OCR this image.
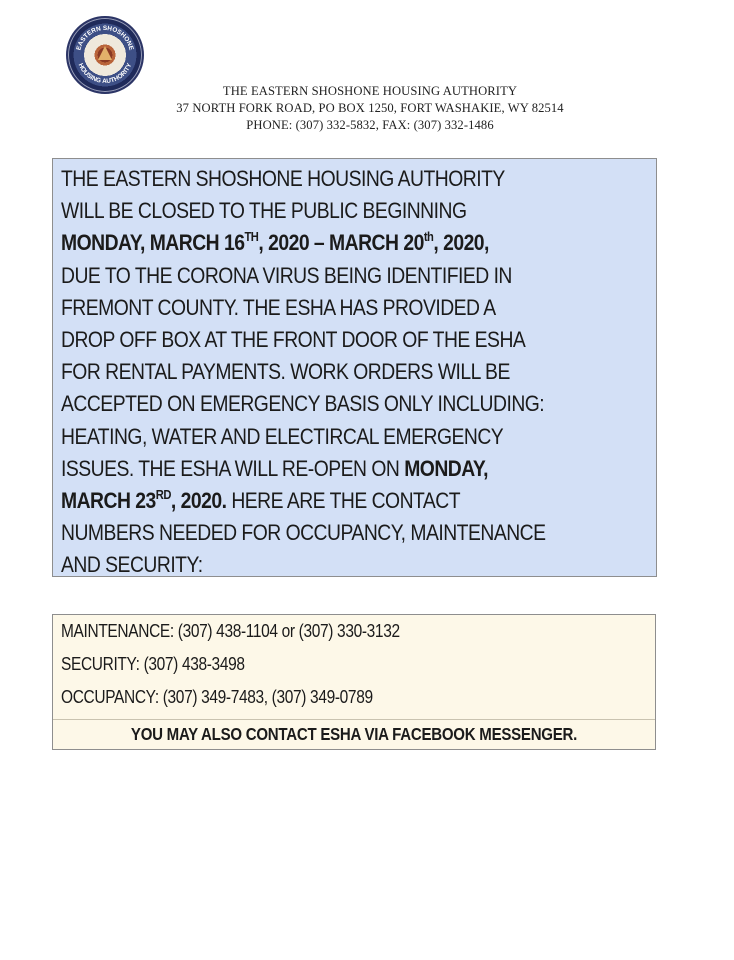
EASTERN SHOSHONE
HOUSING AUTHORITY
THE EASTERN SHOSHONE HOUSING AUTHORITY
37 NORTH FORK ROAD, PO BOX 1250, FORT WASHAKIE, WY 82514
PHONE: (307) 332-5832, FAX: (307) 332-1486
THE EASTERN SHOSHONE HOUSING AUTHORITY
WILL BE CLOSED TO THE PUBLIC BEGINNING
MONDAY, MARCH 16TH, 2020 – MARCH 20th, 2020,
DUE TO THE CORONA VIRUS BEING IDENTIFIED IN
FREMONT COUNTY. THE ESHA HAS PROVIDED A
DROP OFF BOX AT THE FRONT DOOR OF THE ESHA
FOR RENTAL PAYMENTS. WORK ORDERS WILL BE
ACCEPTED ON EMERGENCY BASIS ONLY INCLUDING:
HEATING, WATER AND ELECTIRCAL EMERGENCY
ISSUES. THE ESHA WILL RE-OPEN ON MONDAY,
MARCH 23RD, 2020. HERE ARE THE CONTACT
NUMBERS NEEDED FOR OCCUPANCY, MAINTENANCE
AND SECURITY:
MAINTENANCE: (307) 438-1104 or (307) 330-3132
SECURITY: (307) 438-3498
OCCUPANCY: (307) 349-7483, (307) 349-0789
YOU MAY ALSO CONTACT ESHA VIA FACEBOOK MESSENGER.
